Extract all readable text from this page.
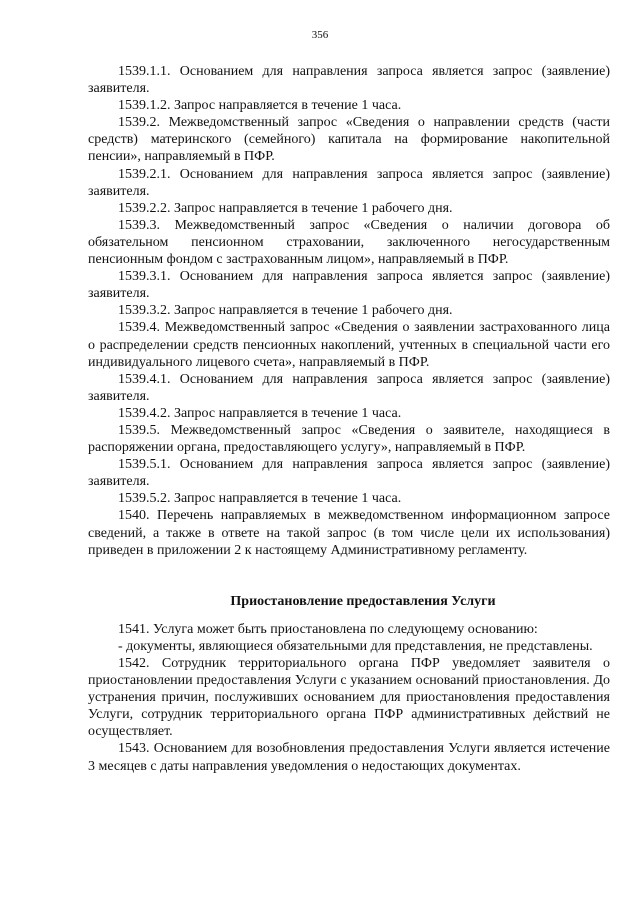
356

1539.1.1. Основанием для направления запроса является запрос (заявление) заявителя.

1539.1.2. Запрос направляется в течение 1 часа.

1539.2. Межведомственный запрос «Сведения о направлении средств (части средств) материнского (семейного) капитала на формирование накопительной пенсии», направляемый в ПФР.

1539.2.1. Основанием для направления запроса является запрос (заявление) заявителя.

1539.2.2. Запрос направляется в течение 1 рабочего дня.

1539.3. Межведомственный запрос «Сведения о наличии договора об обязательном пенсионном страховании, заключенного негосударственным пенсионным фондом с застрахованным лицом», направляемый в ПФР.

1539.3.1. Основанием для направления запроса является запрос (заявление) заявителя.

1539.3.2. Запрос направляется в течение 1 рабочего дня.

1539.4. Межведомственный запрос «Сведения о заявлении застрахованного лица о распределении средств пенсионных накоплений, учтенных в специальной части его индивидуального лицевого счета», направляемый в ПФР.

1539.4.1. Основанием для направления запроса является запрос (заявление) заявителя.

1539.4.2. Запрос направляется в течение 1 часа.

1539.5. Межведомственный запрос «Сведения о заявителе, находящиеся в распоряжении органа, предоставляющего услугу», направляемый в ПФР.

1539.5.1. Основанием для направления запроса является запрос (заявление) заявителя.

1539.5.2. Запрос направляется в течение 1 часа.

1540. Перечень направляемых в межведомственном информационном запросе сведений, а также в ответе на такой запрос (в том числе цели их использования) приведен в приложении 2 к настоящему Административному регламенту.

Приостановление предоставления Услуги

1541. Услуга может быть приостановлена по следующему основанию:

- документы, являющиеся обязательными для представления, не представлены.

1542. Сотрудник территориального органа ПФР уведомляет заявителя о приостановлении предоставления Услуги с указанием оснований приостановления. До устранения причин, послуживших основанием для приостановления предоставления Услуги, сотрудник территориального органа ПФР административных действий не осуществляет.

1543. Основанием для возобновления предоставления Услуги является истечение 3 месяцев с даты направления уведомления о недостающих документах.
